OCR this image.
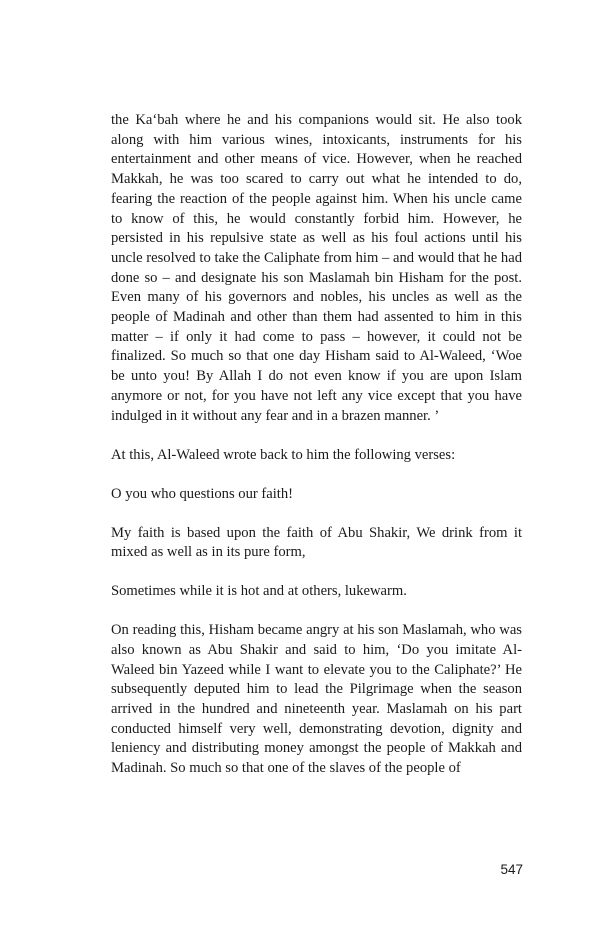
the Ka‘bah where he and his companions would sit. He also took along with him various wines, intoxicants, instruments for his entertainment and other means of vice. However, when he reached Makkah, he was too scared to carry out what he intended to do, fearing the reaction of the people against him. When his uncle came to know of this, he would constantly forbid him. However, he persisted in his repulsive state as well as his foul actions until his uncle resolved to take the Caliphate from him – and would that he had done so – and designate his son Maslamah bin Hisham for the post. Even many of his governors and nobles, his uncles as well as the people of Madinah and other than them had assented to him in this matter – if only it had come to pass – however, it could not be finalized. So much so that one day Hisham said to Al-Waleed, ‘Woe be unto you! By Allah I do not even know if you are upon Islam anymore or not, for you have not left any vice except that you have indulged in it without any fear and in a brazen manner. ’

At this, Al-Waleed wrote back to him the following verses:

O you who questions our faith!

My faith is based upon the faith of Abu Shakir, We drink from it mixed as well as in its pure form,

Sometimes while it is hot and at others, lukewarm.

On reading this, Hisham became angry at his son Maslamah, who was also known as Abu Shakir and said to him, ‘Do you imitate Al-Waleed bin Yazeed while I want to elevate you to the Caliphate?’ He subsequently deputed him to lead the Pilgrimage when the season arrived in the hundred and nineteenth year. Maslamah on his part conducted himself very well, demonstrating devotion, dignity and leniency and distributing money amongst the people of Makkah and Madinah. So much so that one of the slaves of the people of

547
